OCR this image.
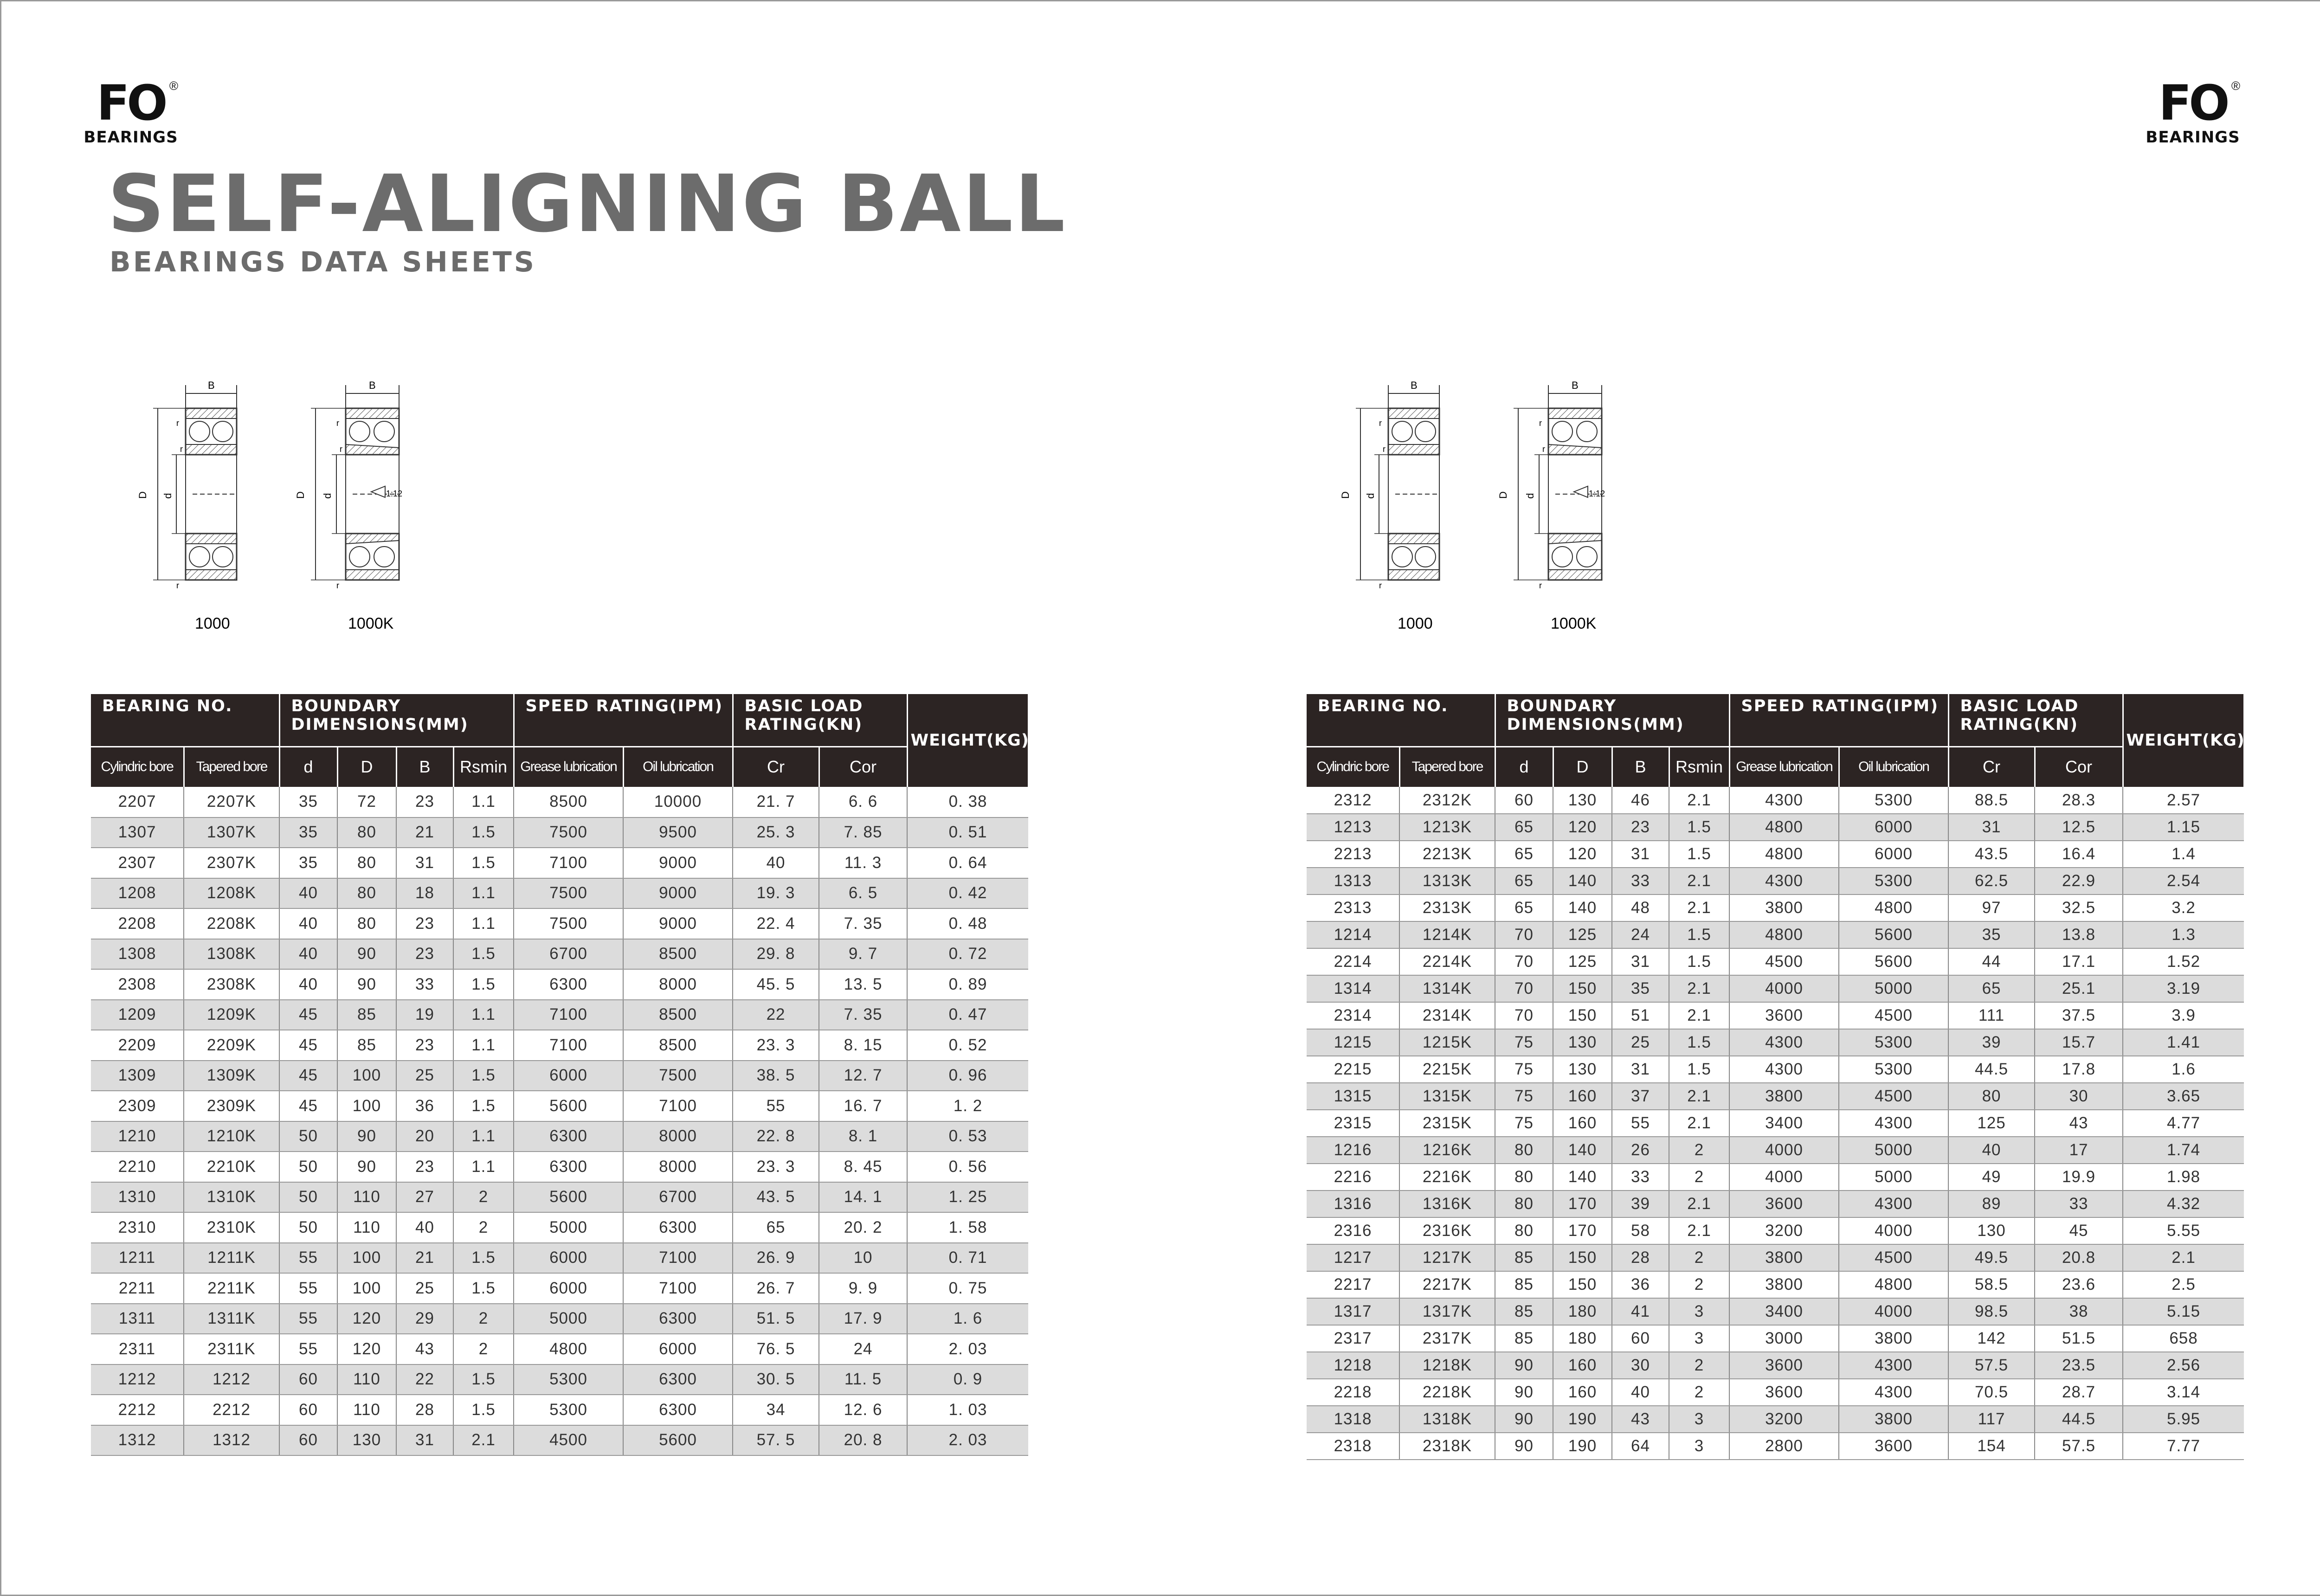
®
FO
BEARINGS
®
FO
BEARINGS
SELF-ALIGNING BALL
BEARINGS DATA SHEETS
B
D d
r
r
r
1000
B
1:12
D d
r
r
r
1000K
B
D d
r
r
r
1000
B
1:12
D d
r
r
r
1000K
BEARING NO.		BOUNDARY DIMENSIONS(MM)				SPEED RATING(IPM)		BASIC LOAD RATING(KN)		WEIGHT(KG)
Cylindric bore	Tapered bore	d	D	B	Rsmin	Grease lubrication	Oil lubrication	Cr	Cor	
2207	2207K	35	72	23	1.1	8500	10000	21. 7	6. 6	0. 38
1307	1307K	35	80	21	1.5	7500	9500	25. 3	7. 85	0. 51
2307	2307K	35	80	31	1.5	7100	9000	40	11. 3	0. 64
1208	1208K	40	80	18	1.1	7500	9000	19. 3	6. 5	0. 42
2208	2208K	40	80	23	1.1	7500	9000	22. 4	7. 35	0. 48
1308	1308K	40	90	23	1.5	6700	8500	29. 8	9. 7	0. 72
2308	2308K	40	90	33	1.5	6300	8000	45. 5	13. 5	0. 89
1209	1209K	45	85	19	1.1	7100	8500	22	7. 35	0. 47
2209	2209K	45	85	23	1.1	7100	8500	23. 3	8. 15	0. 52
1309	1309K	45	100	25	1.5	6000	7500	38. 5	12. 7	0. 96
2309	2309K	45	100	36	1.5	5600	7100	55	16. 7	1. 2
1210	1210K	50	90	20	1.1	6300	8000	22. 8	8. 1	0. 53
2210	2210K	50	90	23	1.1	6300	8000	23. 3	8. 45	0. 56
1310	1310K	50	110	27	2	5600	6700	43. 5	14. 1	1. 25
2310	2310K	50	110	40	2	5000	6300	65	20. 2	1. 58
1211	1211K	55	100	21	1.5	6000	7100	26. 9	10	0. 71
2211	2211K	55	100	25	1.5	6000	7100	26. 7	9. 9	0. 75
1311	1311K	55	120	29	2	5000	6300	51. 5	17. 9	1. 6
2311	2311K	55	120	43	2	4800	6000	76. 5	24	2. 03
1212	1212	60	110	22	1.5	5300	6300	30. 5	11. 5	0. 9
2212	2212	60	110	28	1.5	5300	6300	34	12. 6	1. 03
1312	1312	60	130	31	2.1	4500	5600	57. 5	20. 8	2. 03
BEARING NO.		BOUNDARY DIMENSIONS(MM)				SPEED RATING(IPM)		BASIC LOAD RATING(KN)		WEIGHT(KG)
Cylindric bore	Tapered bore	d	D	B	Rsmin	Grease lubrication	Oil lubrication	Cr	Cor	
2312	2312K	60	130	46	2.1	4300	5300	88.5	28.3	2.57
1213	1213K	65	120	23	1.5	4800	6000	31	12.5	1.15
2213	2213K	65	120	31	1.5	4800	6000	43.5	16.4	1.4
1313	1313K	65	140	33	2.1	4300	5300	62.5	22.9	2.54
2313	2313K	65	140	48	2.1	3800	4800	97	32.5	3.2
1214	1214K	70	125	24	1.5	4800	5600	35	13.8	1.3
2214	2214K	70	125	31	1.5	4500	5600	44	17.1	1.52
1314	1314K	70	150	35	2.1	4000	5000	65	25.1	3.19
2314	2314K	70	150	51	2.1	3600	4500	111	37.5	3.9
1215	1215K	75	130	25	1.5	4300	5300	39	15.7	1.41
2215	2215K	75	130	31	1.5	4300	5300	44.5	17.8	1.6
1315	1315K	75	160	37	2.1	3800	4500	80	30	3.65
2315	2315K	75	160	55	2.1	3400	4300	125	43	4.77
1216	1216K	80	140	26	2	4000	5000	40	17	1.74
2216	2216K	80	140	33	2	4000	5000	49	19.9	1.98
1316	1316K	80	170	39	2.1	3600	4300	89	33	4.32
2316	2316K	80	170	58	2.1	3200	4000	130	45	5.55
1217	1217K	85	150	28	2	3800	4500	49.5	20.8	2.1
2217	2217K	85	150	36	2	3800	4800	58.5	23.6	2.5
1317	1317K	85	180	41	3	3400	4000	98.5	38	5.15
2317	2317K	85	180	60	3	3000	3800	142	51.5	658
1218	1218K	90	160	30	2	3600	4300	57.5	23.5	2.56
2218	2218K	90	160	40	2	3600	4300	70.5	28.7	3.14
1318	1318K	90	190	43	3	3200	3800	117	44.5	5.95
2318	2318K	90	190	64	3	2800	3600	154	57.5	7.77
